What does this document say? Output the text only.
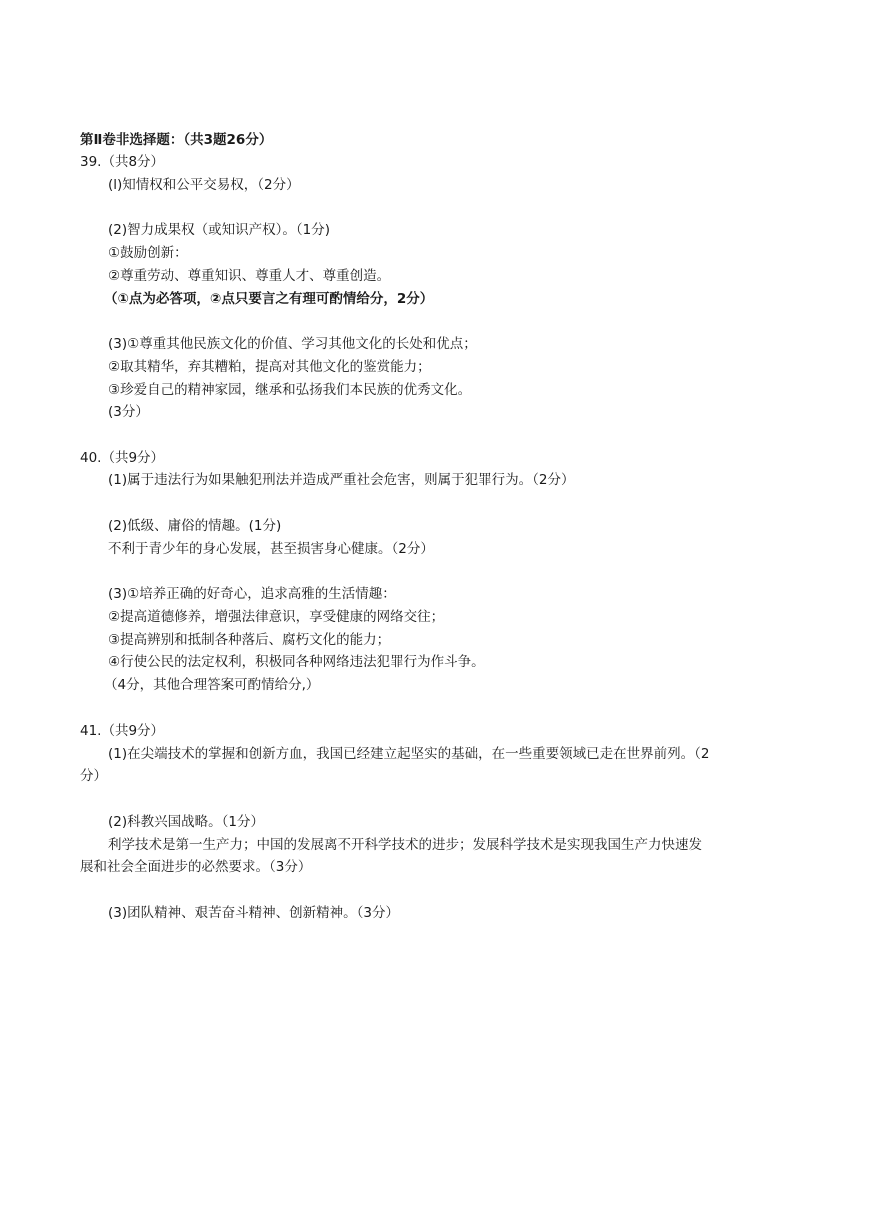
第Ⅱ卷非选择题：（共3题26分）
39.（共8分）
(l)知情权和公平交易权，（2分）
(2)智力成果权（或知识产权）。（1分)
①鼓励创新：
②尊重劳动、尊重知识、尊重人才、尊重创造。
（①点为必答项，②点只要言之有理可酌情给分，2分）
(3)①尊重其他民族文化的价值、学习其他文化的长处和优点；
②取其精华，弃其糟粕，提高对其他文化的鉴赏能力；
③珍爱自己的精神家园，继承和弘扬我们本民族的优秀文化。
(3分）
40.（共9分）
(1)属于违法行为如果触犯刑法并造成严重社会危害，则属于犯罪行为。（2分）
(2)低级、庸俗的情趣。(1分)
不利于青少年的身心发展，甚至损害身心健康。（2分）
(3)①培养正确的好奇心，追求高雅的生活情趣：
②提高道德修养，增强法律意识，享受健康的网络交往；
③提高辨别和抵制各种落后、腐朽文化的能力；
④行使公民的法定权利，积极同各种网络违法犯罪行为作斗争。
（4分，其他合理答案可酌情给分,）
41.（共9分）
(1)在尖端技术的掌握和创新方血，我国已经建立起坚实的基础，在一些重要领域已走在世界前列。（2
分）
(2)科教兴国战略。（1分）
利学技术是第一生产力；中国的发展离不开科学技术的进步；发展科学技术是实现我国生产力快速发
展和社会全面进步的必然要求。（3分）
(3)团队精神、艰苦奋斗精神、创新精神。（3分）
